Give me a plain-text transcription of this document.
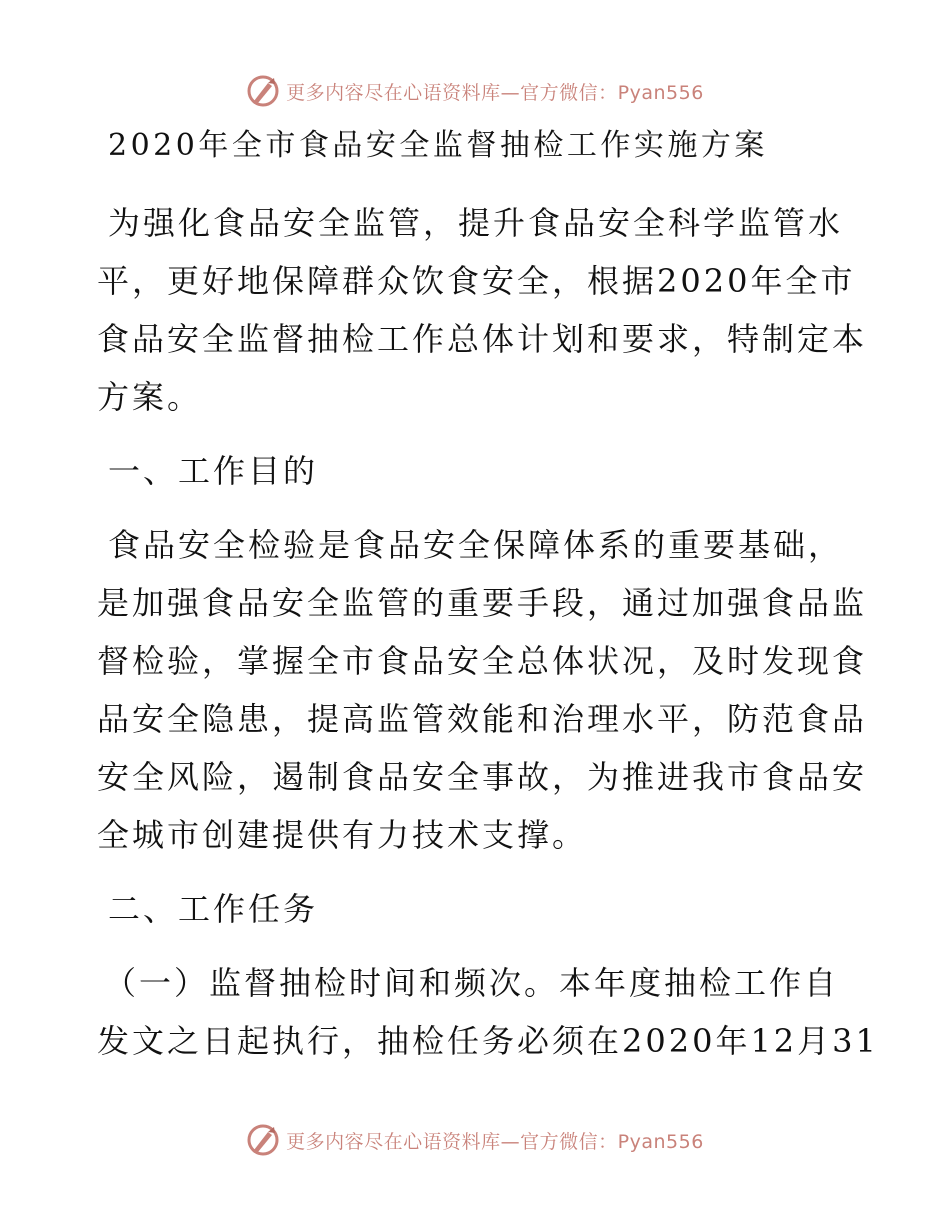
更多内容尽在心语资料库—官方微信：Pyan556
2020年全市食品安全监督抽检工作实施方案
为强化食品安全监管，提升食品安全科学监管水
平，更好地保障群众饮食安全，根据2020年全市
食品安全监督抽检工作总体计划和要求，特制定本
方案。
一、工作目的
食品安全检验是食品安全保障体系的重要基础，
是加强食品安全监管的重要手段，通过加强食品监
督检验，掌握全市食品安全总体状况，及时发现食
品安全隐患，提高监管效能和治理水平，防范食品
安全风险，遏制食品安全事故，为推进我市食品安
全城市创建提供有力技术支撑。
二、工作任务
（一）监督抽检时间和频次。本年度抽检工作自
发文之日起执行，抽检任务必须在2020年12月31
更多内容尽在心语资料库—官方微信：Pyan556
